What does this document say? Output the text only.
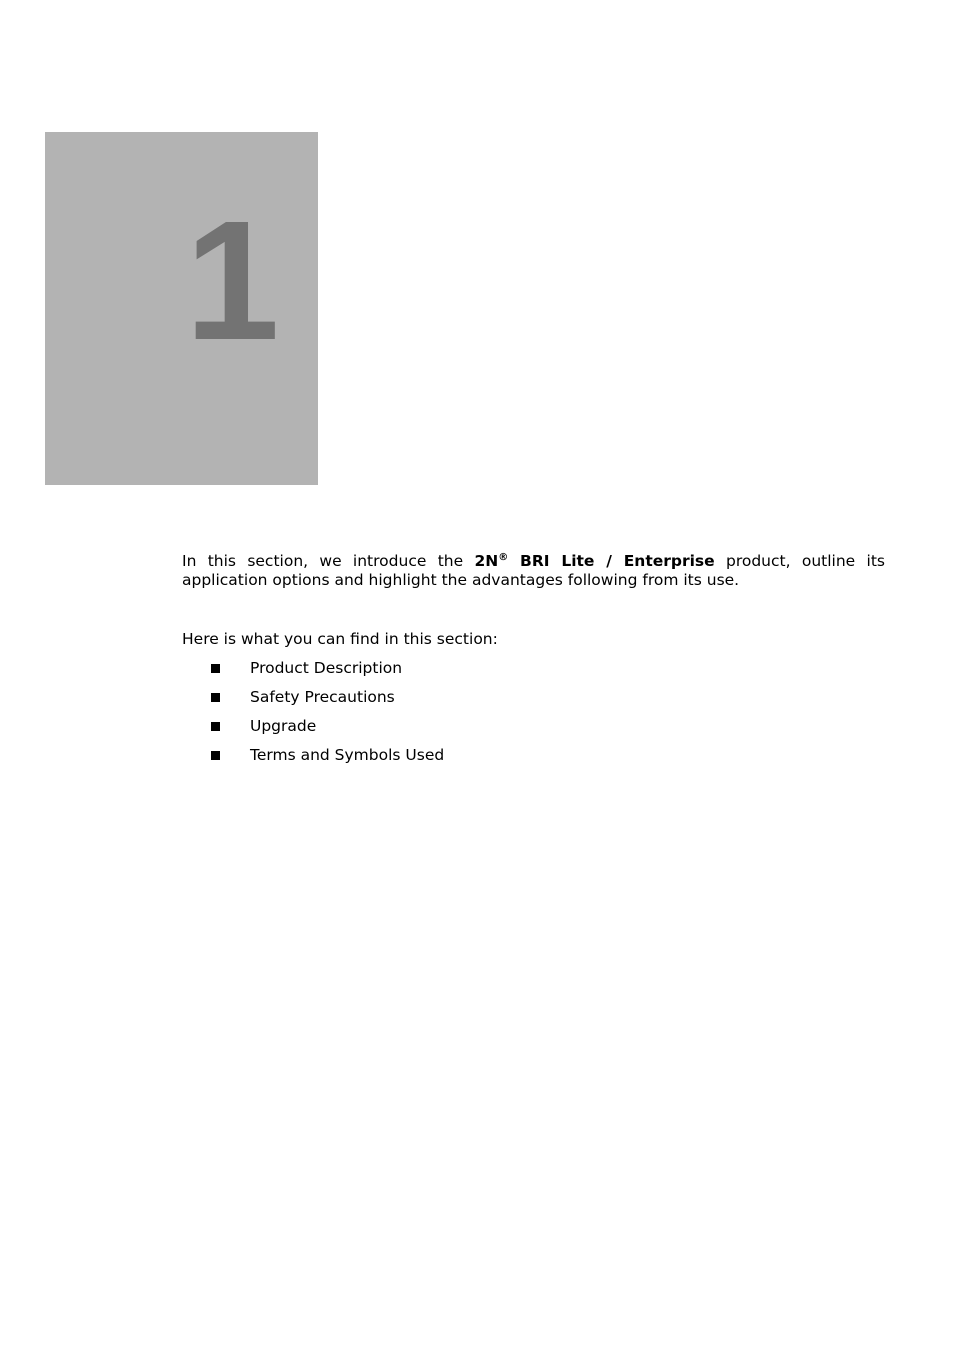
1

In this section, we introduce the 2N® BRI Lite / Enterprise product, outline its application options and highlight the advantages following from its use.

Here is what you can find in this section:

Product Description
Safety Precautions
Upgrade
Terms and Symbols Used
